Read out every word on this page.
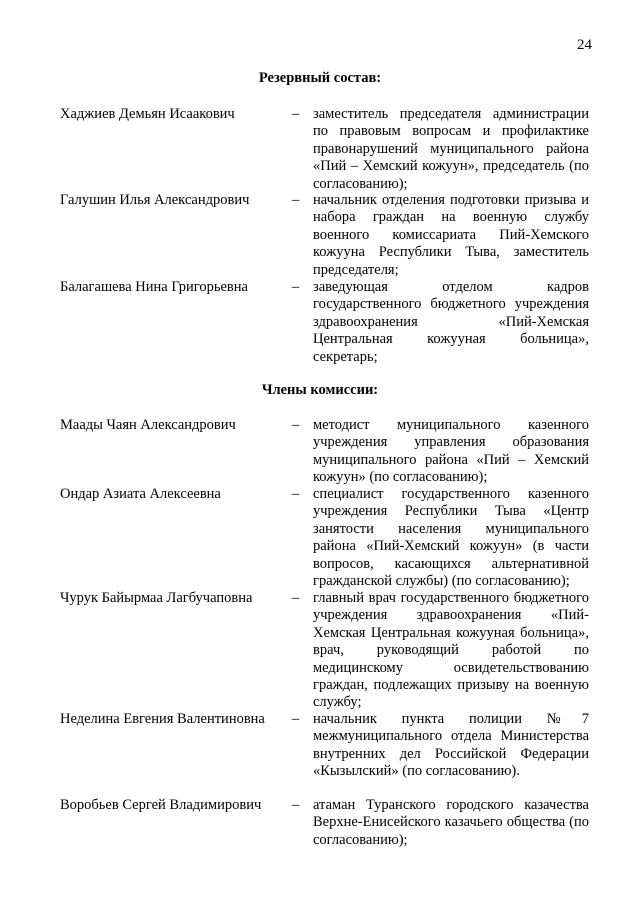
24
Резервный состав:
Хаджиев Демьян Исаакович	– заместитель председателя администрации по правовым вопросам и профилактике правонарушений муниципального района «Пий – Хемский кожуун», председатель (по согласованию);
Галушин Илья Александрович	– начальник отделения подготовки призыва и набора граждан на военную службу военного комиссариата Пий-Хемского кожууна Республики Тыва, заместитель председателя;
Балагашева Нина Григорьевна	– заведующая отделом кадров государственного бюджетного учреждения здравоохранения «Пий-Хемская Центральная кожууная больница», секретарь;
Члены комиссии:
Маады Чаян Александрович	– методист муниципального казенного учреждения управления образования муниципального района «Пий – Хемский кожуун» (по согласованию);
Ондар Азиата Алексеевна	– специалист государственного казенного учреждения Республики Тыва «Центр занятости населения муниципального района «Пий-Хемский кожуун» (в части вопросов, касающихся альтернативной гражданской службы) (по согласованию);
Чурук Байырмаа Лагбучаповна	– главный врач государственного бюджетного учреждения здравоохранения «Пий-Хемская Центральная кожууная больница», врач, руководящий работой по медицинскому освидетельствованию граждан, подлежащих призыву на военную службу;
Неделина Евгения Валентиновна – начальник пункта полиции №7 межмуниципального отдела Министерства внутренних дел Российской Федерации «Кызылский» (по согласованию).
Воробьев Сергей Владимирович – атаман Туранского городского казачества Верхне-Енисейского казачьего общества (по согласованию);
